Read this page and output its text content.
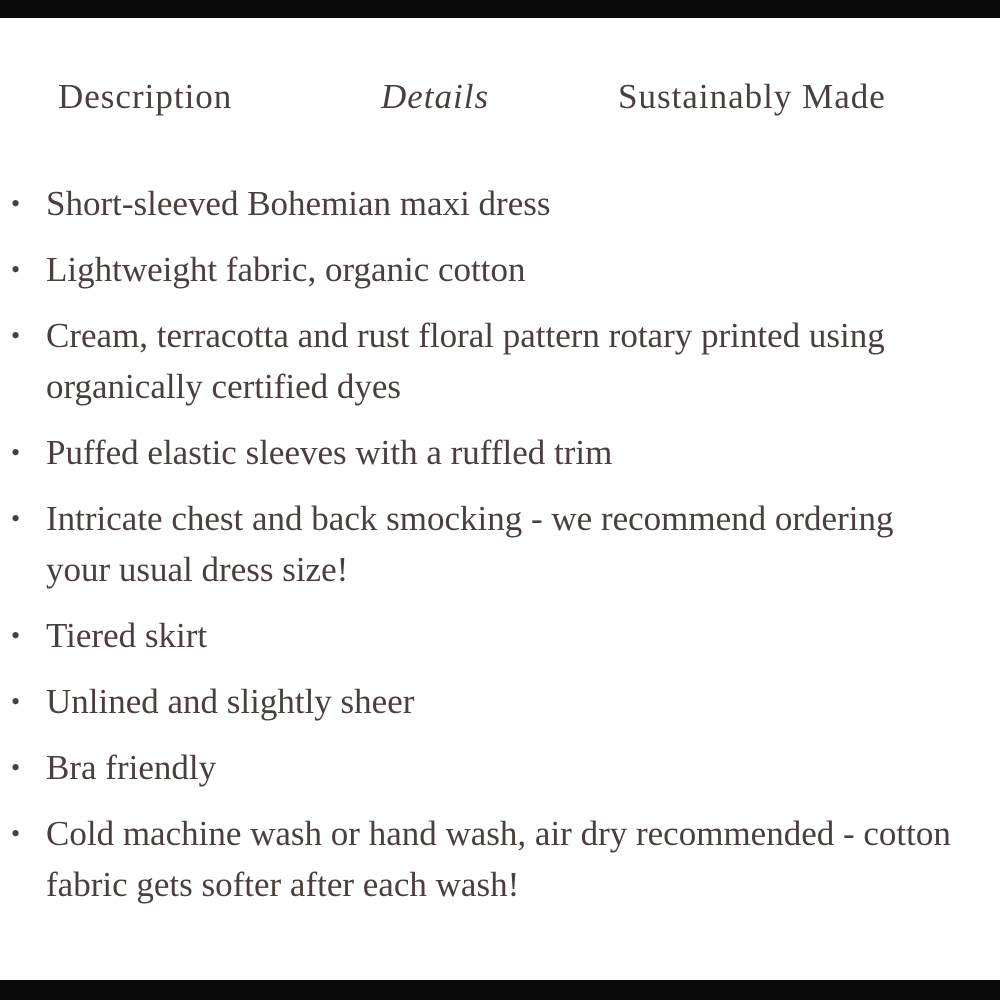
Description	Details	Sustainably Made
• Short-sleeved Bohemian maxi dress
• Lightweight fabric, organic cotton
• Cream, terracotta and rust floral pattern rotary printed using organically certified dyes
• Puffed elastic sleeves with a ruffled trim
• Intricate chest and back smocking - we recommend ordering your usual dress size!
• Tiered skirt
• Unlined and slightly sheer
• Bra friendly
• Cold machine wash or hand wash, air dry recommended - cotton fabric gets softer after each wash!
